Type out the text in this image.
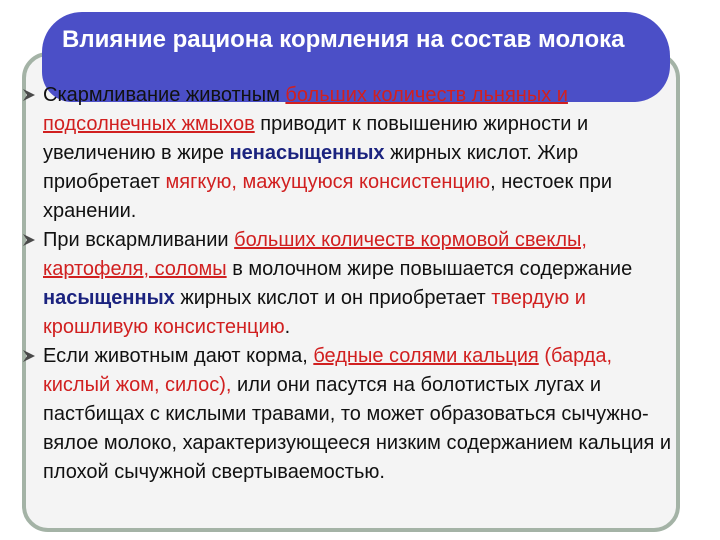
Скармливание животным больших количеств льняных и подсолнечных жмыхов приводит к повышению жирности и увеличению в жире ненасыщенных жирных кислот. Жир приобретает мягкую, мажущуюся консистенцию, нестоек при хранении.
При вскармливании больших количеств кормовой свеклы, картофеля, соломы в молочном жире повышается содержание насыщенных жирных кислот и он приобретает твердую и крошливую консистенцию.
Если животным дают корма, бедные солями кальция (барда, кислый жом, силос), или они пасутся на болотистых лугах и пастбищах с кислыми травами, то может образоваться сычужно-вялое молоко, характеризующееся низким содержанием кальция и плохой сычужной свертываемостью.
Влияние рациона кормления на состав молока
